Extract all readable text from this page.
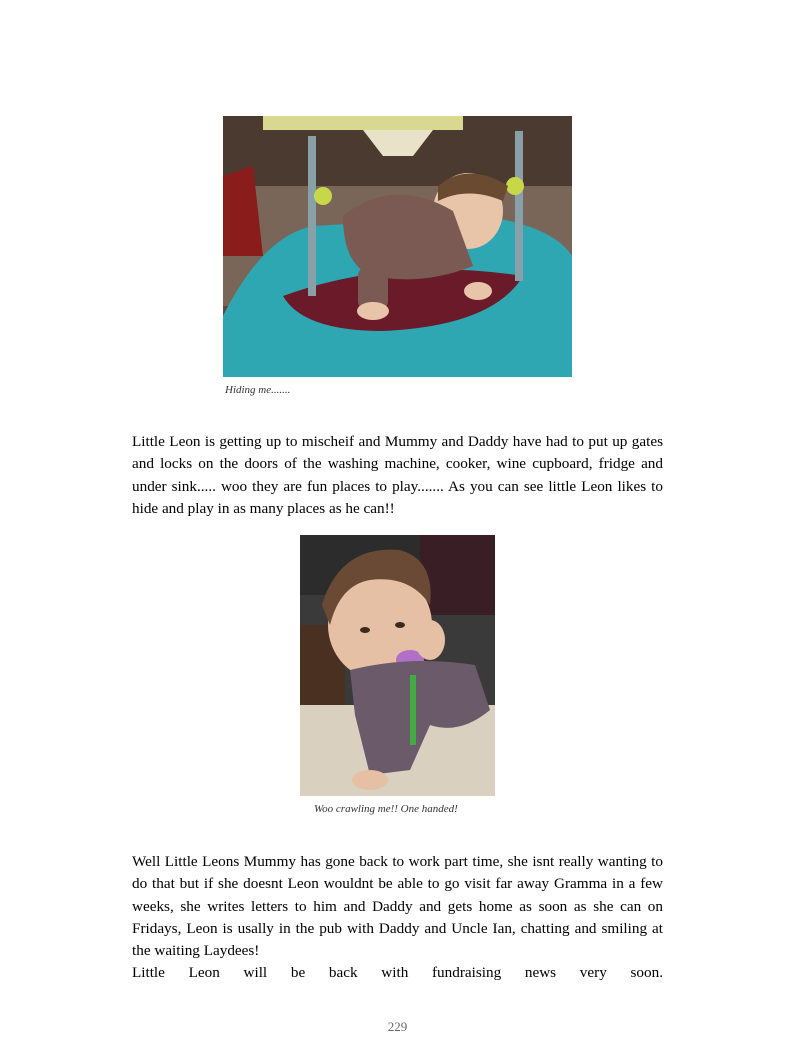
Hiding me.......

Little Leon is getting up to mischeif and Mummy and Daddy have had to put up gates and locks on the doors of the washing machine, cooker, wine cupboard, fridge and under sink..... woo they are fun places to play....... As you can see little Leon likes to hide and play in as many places as he can!!

Woo crawling me!! One handed!

Well Little Leons Mummy has gone back to work part time, she isnt really wanting to do that but if she doesnt Leon wouldnt be able to go visit far away Gramma in a few weeks, she writes letters to him and Daddy and gets home as soon as she can on Fridays, Leon is usally in the pub with Daddy and Uncle Ian, chatting and smiling at the waiting Laydees!

Little Leon will be back with fundraising news very soon.

229
